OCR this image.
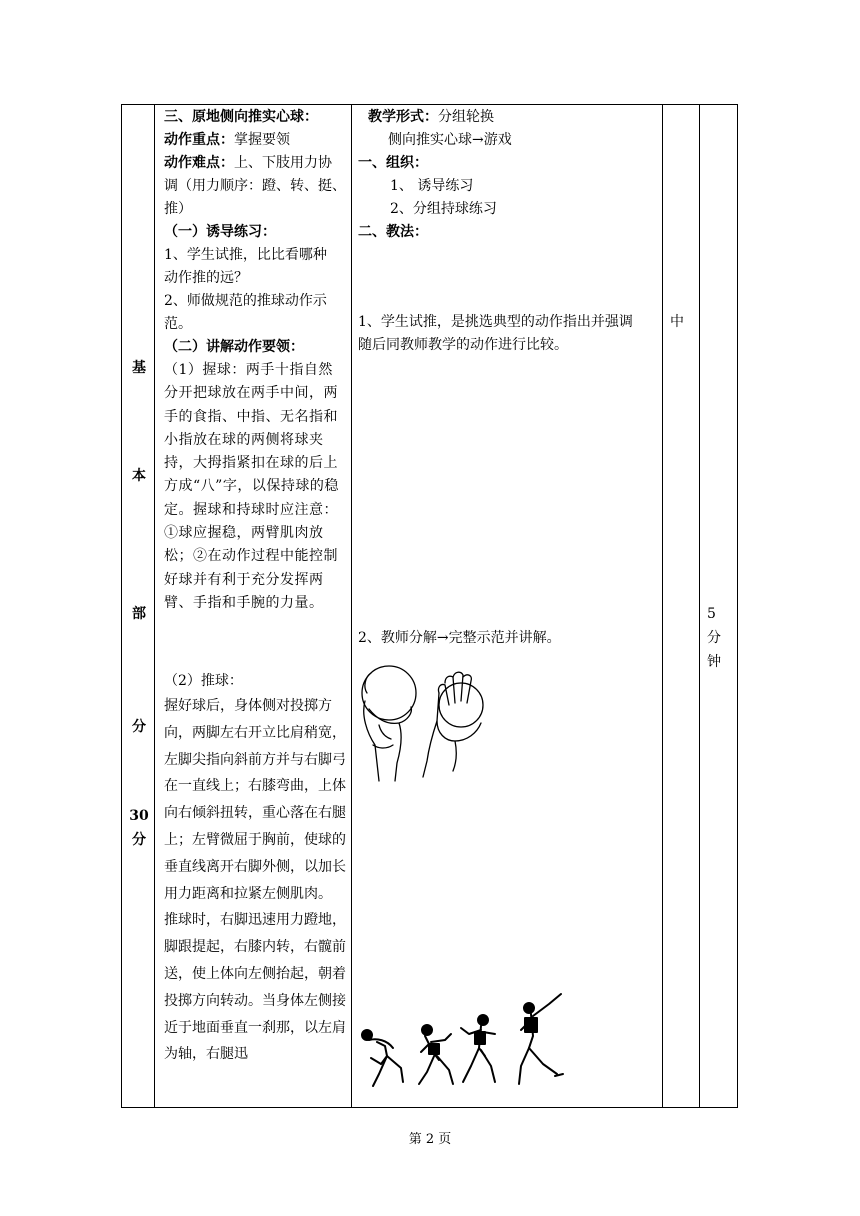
基
本
部
分
30
分
三、原地侧向推实心球：
动作重点：掌握要领
动作难点：上、下肢用力协
调（用力顺序：蹬、转、挺、
推）
（一）诱导练习：
1、学生试推，比比看哪种
动作推的远？
2、师做规范的推球动作示
范。
（二）讲解动作要领：
（1）握球：两手十指自然分开把球放在两手中间，两手的食指、中指、无名指和小指放在球的两侧将球夹持，大拇指紧扣在球的后上方成“八”字，以保持球的稳定。握球和持球时应注意：①球应握稳，两臂肌肉放松；②在动作过程中能控制好球并有利于充分发挥两臂、手指和手腕的力量。
（2）推球：
握好球后，身体侧对投掷方向，两脚左右开立比肩稍宽，左脚尖指向斜前方并与右脚弓在一直线上；右膝弯曲，上体向右倾斜扭转，重心落在右腿上；左臂微屈于胸前，使球的垂直线离开右脚外侧，以加长用力距离和拉紧左侧肌肉。 推球时，右脚迅速用力蹬地，脚跟提起，右膝内转，右髋前送，使上体向左侧抬起，朝着投掷方向转动。当身体左侧接近于地面垂直一刹那，以左肩为轴，右腿迅
教学形式：分组轮换
侧向推实心球→游戏
一、组织：
1、 诱导练习
2、分组持球练习
二、教法：
1、学生试推，是挑选典型的动作指出并强调
随后同教师教学的动作进行比较。
2、教师分解→完整示范并讲解。
中
5
分
钟
第 2 页
